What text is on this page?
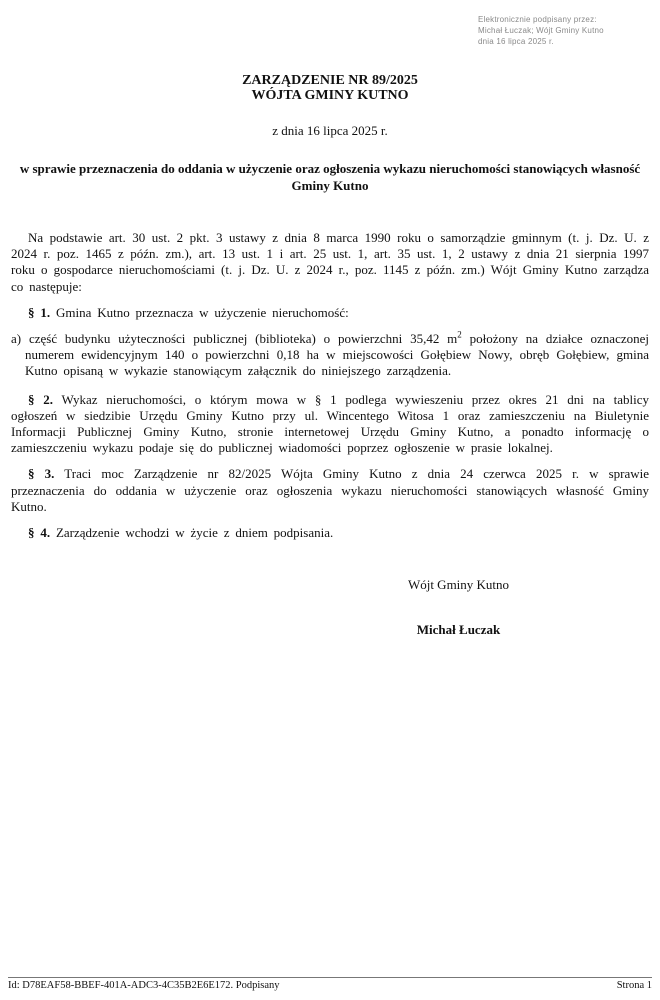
Elektronicznie podpisany przez:
Michał Łuczak; Wójt Gminy Kutno
dnia 16 lipca 2025 r.
ZARZĄDZENIE NR 89/2025
WÓJTA GMINY KUTNO
z dnia 16 lipca 2025 r.
w sprawie przeznaczenia do oddania w użyczenie oraz ogłoszenia wykazu nieruchomości stanowiących własność Gminy Kutno

Na podstawie art. 30 ust. 2 pkt. 3 ustawy z dnia 8 marca 1990 roku o samorządzie gminnym (t. j. Dz. U. z 2024 r. poz. 1465 z późn. zm.), art. 13 ust. 1 i art. 25 ust. 1, art. 35 ust. 1, 2 ustawy z dnia 21 sierpnia 1997 roku o gospodarce nieruchomościami (t. j. Dz. U. z 2024 r., poz. 1145 z późn. zm.) Wójt Gminy Kutno zarządza co następuje:

§ 1. Gmina Kutno przeznacza w użyczenie nieruchomość:

a) część budynku użyteczności publicznej (biblioteka) o powierzchni 35,42 $m^2$ położony na działce oznaczonej numerem ewidencyjnym 140 o powierzchni 0,18 ha w miejscowości Gołębiew Nowy, obręb Gołębiew, gmina Kutno opisaną w wykazie stanowiącym załącznik do niniejszego zarządzenia.

§ 2. Wykaz nieruchomości, o którym mowa w § 1 podlega wywieszeniu przez okres 21 dni na tablicy ogłoszeń w siedzibie Urzędu Gminy Kutno przy ul. Wincentego Witosa 1 oraz zamieszczeniu na Biuletynie Informacji Publicznej Gminy Kutno, stronie internetowej Urzędu Gminy Kutno, a ponadto informację o zamieszczeniu wykazu podaje się do publicznej wiadomości poprzez ogłoszenie w prasie lokalnej.

§ 3. Traci moc Zarządzenie nr 82/2025 Wójta Gminy Kutno z dnia 24 czerwca 2025 r. w sprawie przeznaczenia do oddania w użyczenie oraz ogłoszenia wykazu nieruchomości stanowiących własność Gminy Kutno.

§ 4. Zarządzenie wchodzi w życie z dniem podpisania.

Wójt Gminy Kutno
Michał Łuczak
Id: D78EAF58-BBEF-401A-ADC3-4C35B2E6E172. Podpisany	Strona 1
